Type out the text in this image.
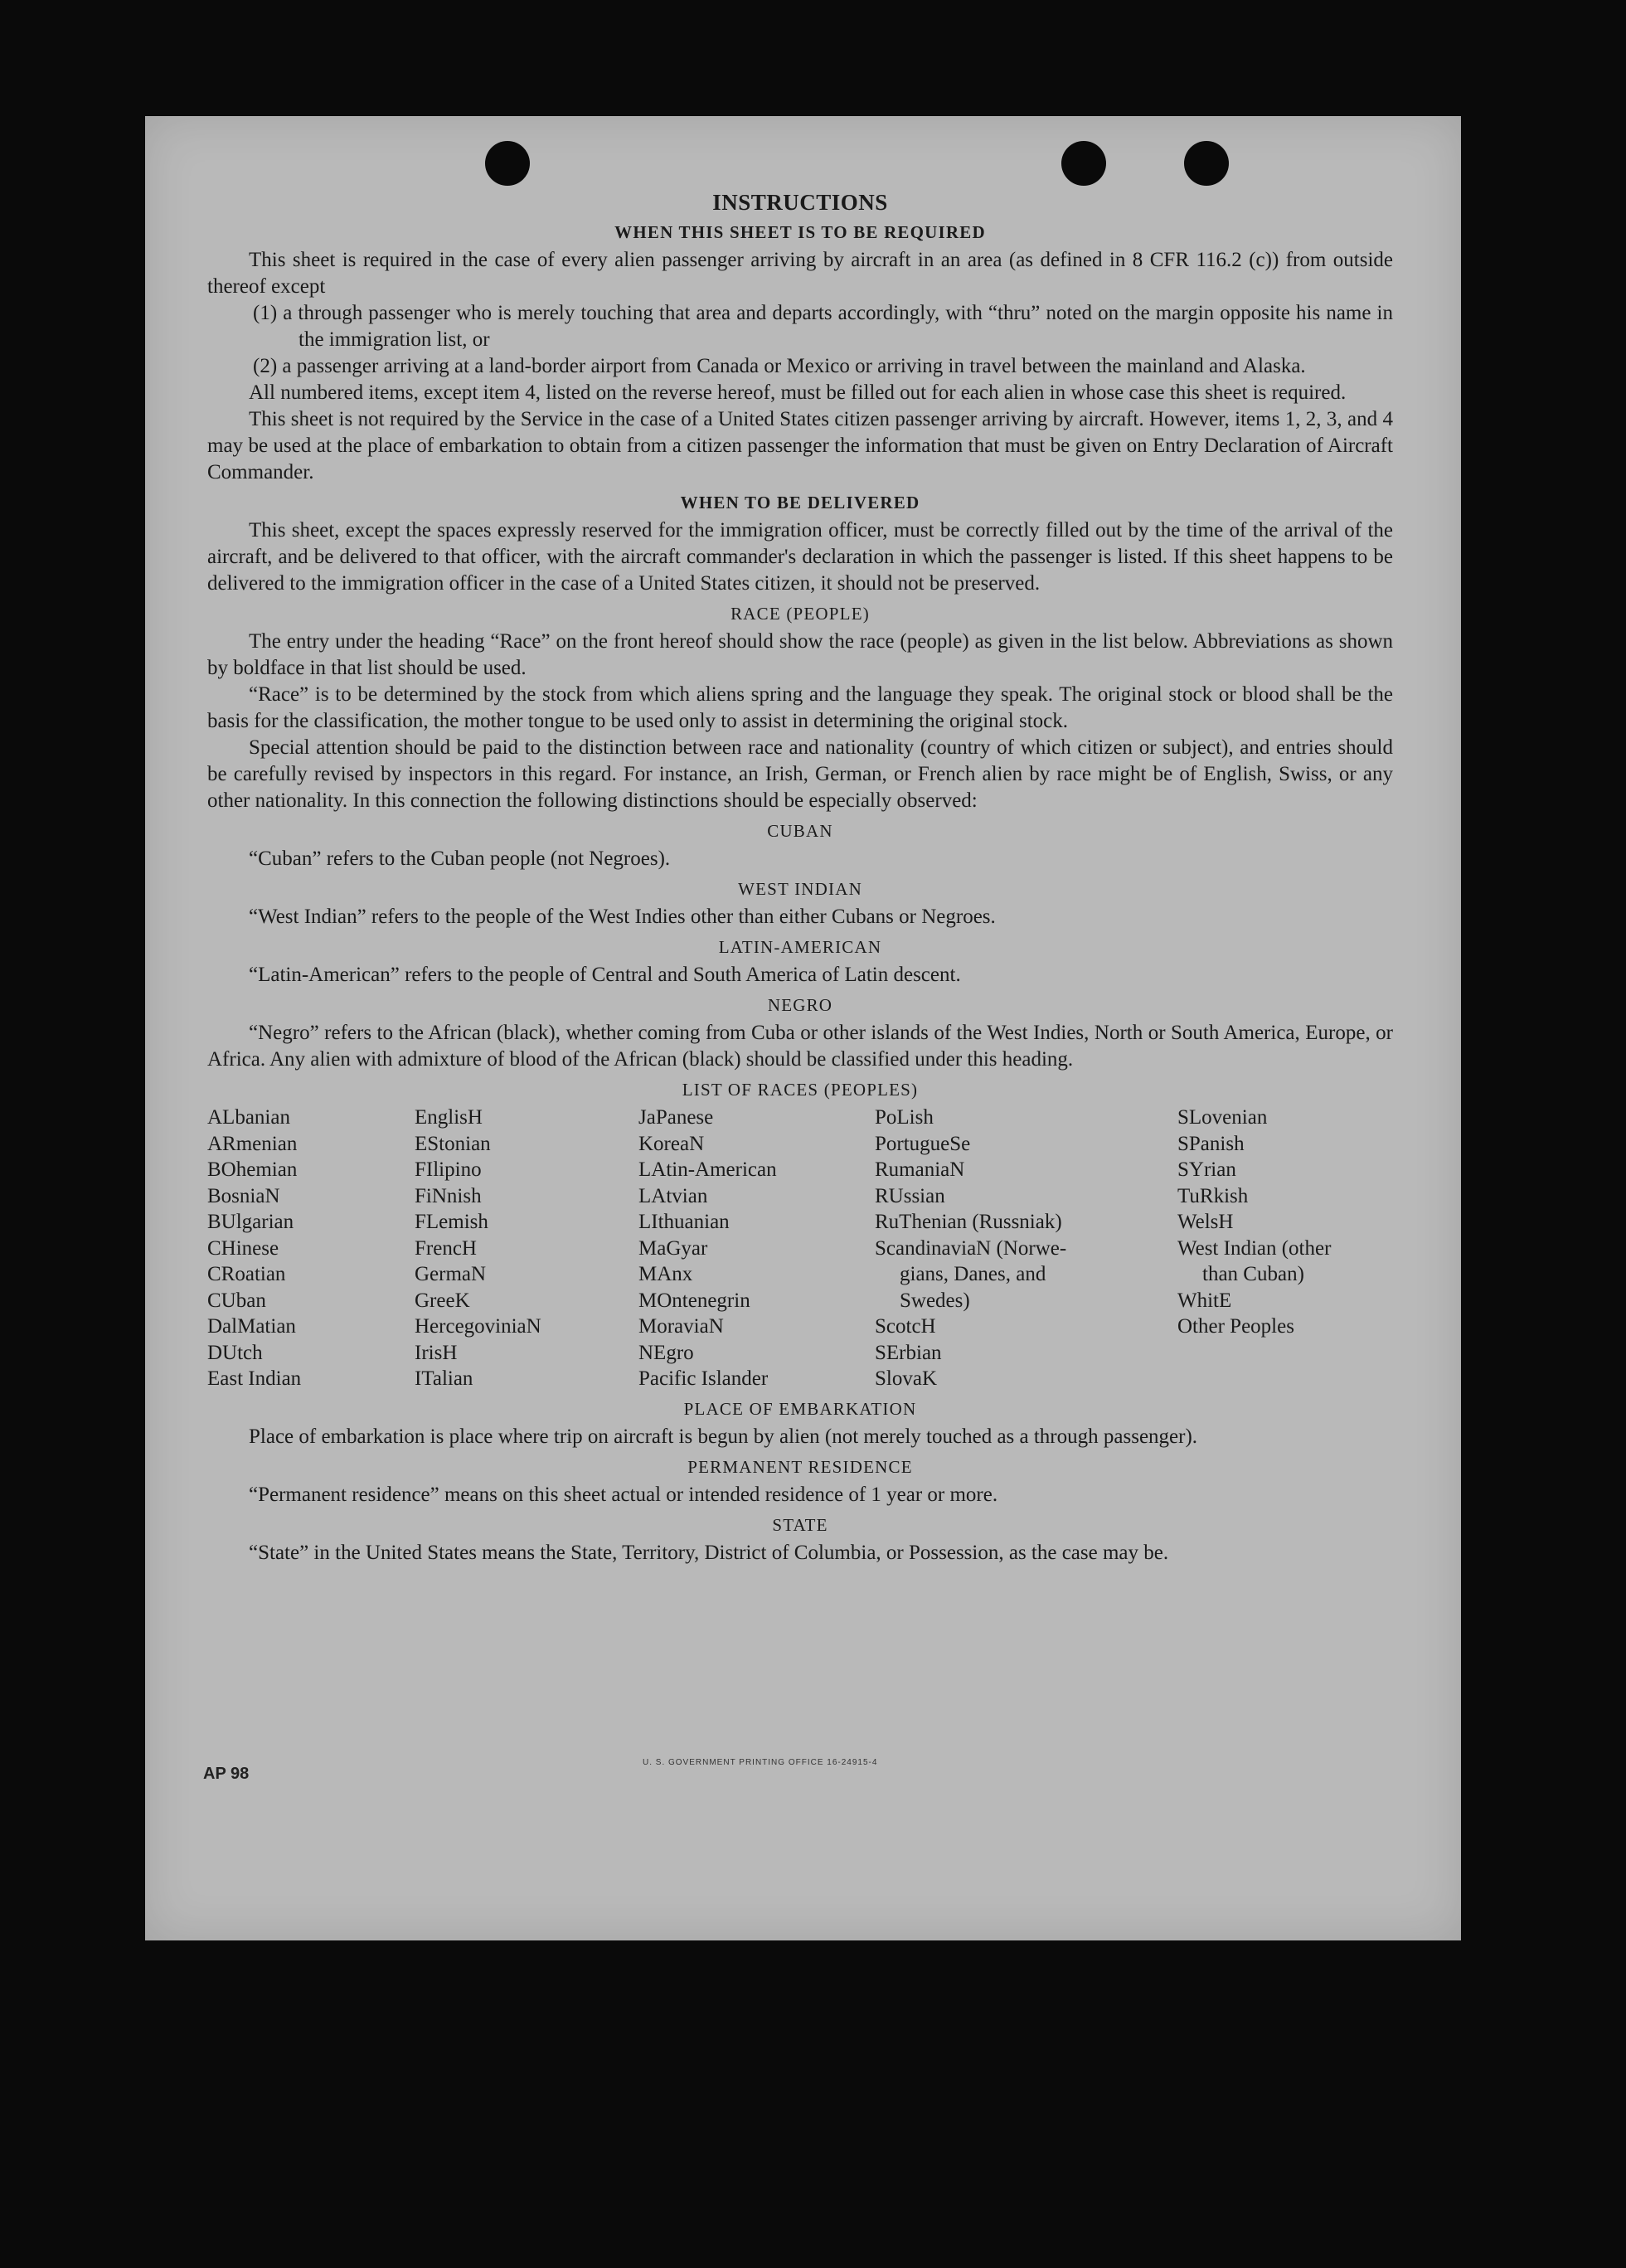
INSTRUCTIONS
WHEN THIS SHEET IS TO BE REQUIRED

This sheet is required in the case of every alien passenger arriving by aircraft in an area (as defined in 8 CFR 116.2 (c)) from outside thereof except

(1) a through passenger who is merely touching that area and departs accordingly, with “thru” noted on the margin opposite his name in the immigration list, or
(2) a passenger arriving at a land-border airport from Canada or Mexico or arriving in travel between the mainland and Alaska.

All numbered items, except item 4, listed on the reverse hereof, must be filled out for each alien in whose case this sheet is required.

This sheet is not required by the Service in the case of a United States citizen passenger arriving by aircraft. However, items 1, 2, 3, and 4 may be used at the place of embarkation to obtain from a citizen passenger the information that must be given on Entry Declaration of Aircraft Commander.

WHEN TO BE DELIVERED

This sheet, except the spaces expressly reserved for the immigration officer, must be correctly filled out by the time of the arrival of the aircraft, and be delivered to that officer, with the aircraft commander's declaration in which the passenger is listed. If this sheet happens to be delivered to the immigration officer in the case of a United States citizen, it should not be preserved.

RACE (PEOPLE)

The entry under the heading “Race” on the front hereof should show the race (people) as given in the list below. Abbreviations as shown by boldface in that list should be used.

“Race” is to be determined by the stock from which aliens spring and the language they speak. The original stock or blood shall be the basis for the classification, the mother tongue to be used only to assist in determining the original stock.

Special attention should be paid to the distinction between race and nationality (country of which citizen or subject), and entries should be carefully revised by inspectors in this regard. For instance, an Irish, German, or French alien by race might be of English, Swiss, or any other nationality. In this connection the following distinctions should be especially observed:

CUBAN

“Cuban” refers to the Cuban people (not Negroes).

WEST INDIAN

“West Indian” refers to the people of the West Indies other than either Cubans or Negroes.

LATIN-AMERICAN

“Latin-American” refers to the people of Central and South America of Latin descent.

NEGRO

“Negro” refers to the African (black), whether coming from Cuba or other islands of the West Indies, North or South America, Europe, or Africa. Any alien with admixture of blood of the African (black) should be classified under this heading.

LIST OF RACES (PEOPLES)
ALbanian
ARmenian
BOhemian
BosniaN
BUlgarian
CHinese
CRoatian
CUban
DalMatian
DUtch
East Indian
EnglisH
EStonian
FIlipino
FiNnish
FLemish
FrencH
GermaN
GreeK
HercegoviniaN
IrisH
ITalian
JaPanese
KoreaN
LAtin-American
LAtvian
LIthuanian
MaGyar
MAnx
MOntenegrin
MoraviaN
NEgro
Pacific Islander
PoLish
PortugueSe
RumaniaN
RUssian
RuThenian (Russniak)
ScandinaviaN (Norwe-
gians, Danes, and
Swedes)
ScotcH
SErbian
SlovaK
SLovenian
SPanish
SYrian
TuRkish
WelsH
West Indian (other
than Cuban)
WhitE
Other Peoples
PLACE OF EMBARKATION

Place of embarkation is place where trip on aircraft is begun by alien (not merely touched as a through passenger).

PERMANENT RESIDENCE

“Permanent residence” means on this sheet actual or intended residence of 1 year or more.

STATE

“State” in the United States means the State, Territory, District of Columbia, or Possession, as the case may be.

AP 98
U. S. GOVERNMENT PRINTING OFFICE 16-24915-4
